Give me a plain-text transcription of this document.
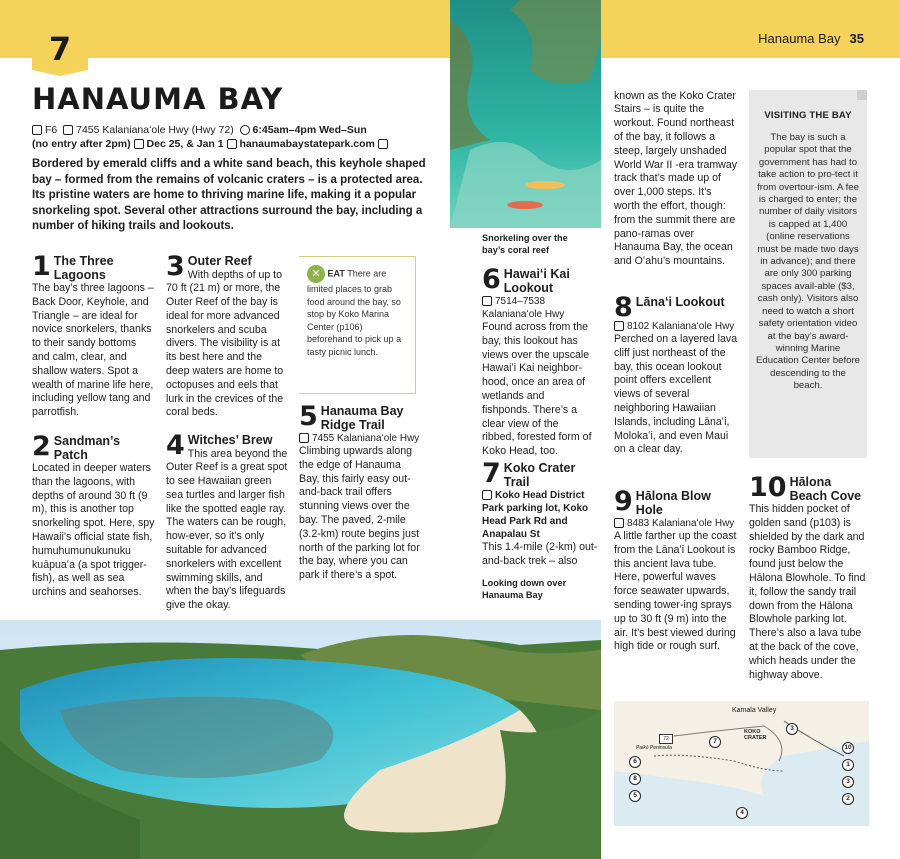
7	Hanauma Bay 35
HANAUMA BAY
F6 7455 Kalanianaʻole Hwy (Hwy 72) 6:45am–4pm Wed–Sun
(no entry after 2pm) Dec 25, & Jan 1 hanaumabaystatepark.com
Bordered by emerald cliffs and a white sand beach, this keyhole shaped bay – formed from the remains of volcanic craters – is a protected area. Its pristine waters are home to thriving marine life, making it a popular snorkeling spot. Several other attractions surround the bay, including a number of hiking trails and lookouts.
1 The Three Lagoons
The bay’s three lagoons – Back Door, Keyhole, and Triangle – are ideal for novice snorkelers, thanks to their sandy bottoms and calm, clear, and shallow waters. Spot a wealth of marine life here, including yellow tang and parrotfish.
2 Sandman’s Patch
Located in deeper waters than the lagoons, with depths of around 30 ft (9 m), this is another top snorkeling spot. Here, spy Hawaii’s official state fish, humuhumunukunuku kuāpuaʻa (a spot trigger-fish), as well as sea urchins and seahorses.
3 Outer Reef
With depths of up to 70 ft (21 m) or more, the Outer Reef of the bay is ideal for more advanced snorkelers and scuba divers. The visibility is at its best here and the deep waters are home to octopuses and eels that lurk in the crevices of the coral beds.
4 Witches’ Brew
This area beyond the Outer Reef is a great spot to see Hawaiian green sea turtles and larger fish like the spotted eagle ray. The waters can be rough, how-ever, so it’s only suitable for advanced snorkelers with excellent swimming skills, and when the bay’s lifeguards give the okay.
✕ EAT There are limited places to grab food around the bay, so stop by Koko Marina Center (p106) beforehand to pick up a tasty picnic lunch.
5 Hanauma Bay Ridge Trail
7455 Kalanianaʻole Hwy
Climbing upwards along the edge of Hanauma Bay, this fairly easy out-and-back trail offers stunning views over the bay. The paved, 2-mile (3.2-km) route begins just north of the parking lot for the bay, where you can park if there’s a spot.
Snorkeling over the bay’s coral reef
6 Hawaiʻi Kai Lookout
7514–7538 Kalanianaʻole Hwy
Found across from the bay, this lookout has views over the upscale Hawaiʻi Kai neighbor-hood, once an area of wetlands and fishponds. There’s a clear view of the ribbed, forested form of Koko Head, too.
7 Koko Crater Trail
Koko Head District Park parking lot, Koko Head Park Rd and Anapalau St
This 1.4-mile (2-km) out-and-back trek – also
Looking down over Hanauma Bay
known as the Koko Crater Stairs – is quite the workout. Found northeast of the bay, it follows a steep, largely unshaded World War II -era tramway track that’s made up of over 1,000 steps. It’s worth the effort, though: from the summit there are pano-ramas over Hanauma Bay, the ocean and Oʻahu’s mountains.
8 Lānaʻi Lookout
8102 Kalanianaʻole Hwy
Perched on a layered lava cliff just northeast of the bay, this ocean lookout point offers excellent views of several neighboring Hawaiian Islands, including Lānaʻi, Molokaʻi, and even Maui on a clear day.
9 Hālona Blow Hole
8483 Kalanianaʻole Hwy
A little farther up the coast from the Lānaʻi Lookout is this ancient lava tube. Here, powerful waves force seawater upwards, sending tower-ing sprays up to 30 ft (9 m) into the air. It’s best viewed during high tide or rough surf.
VISITING THE BAY
The bay is such a popular spot that the government has had to take action to pro-tect it from overtour-ism. A fee is charged to enter; the number of daily visitors is capped at 1,400 (online reservations must be made two days in advance); and there are only 300 parking spaces avail-able ($3, cash only). Visitors also need to watch a short safety orientation video at the bay’s award-winning Marine Education Center before descending to the beach.
10 Hālona Beach Cove
This hidden pocket of golden sand (p103) is shielded by the dark and rocky Bamboo Ridge, found just below the Hālona Blowhole. To find it, follow the sandy trail down from the Hālona Blowhole parking lot. There’s also a lava tube at the back of the cove, which heads under the highway above.
Kamala Valley
KOKO CRATER
Paikō Peninsula
72	7
6
3
8
5
10
1
3
2
4
